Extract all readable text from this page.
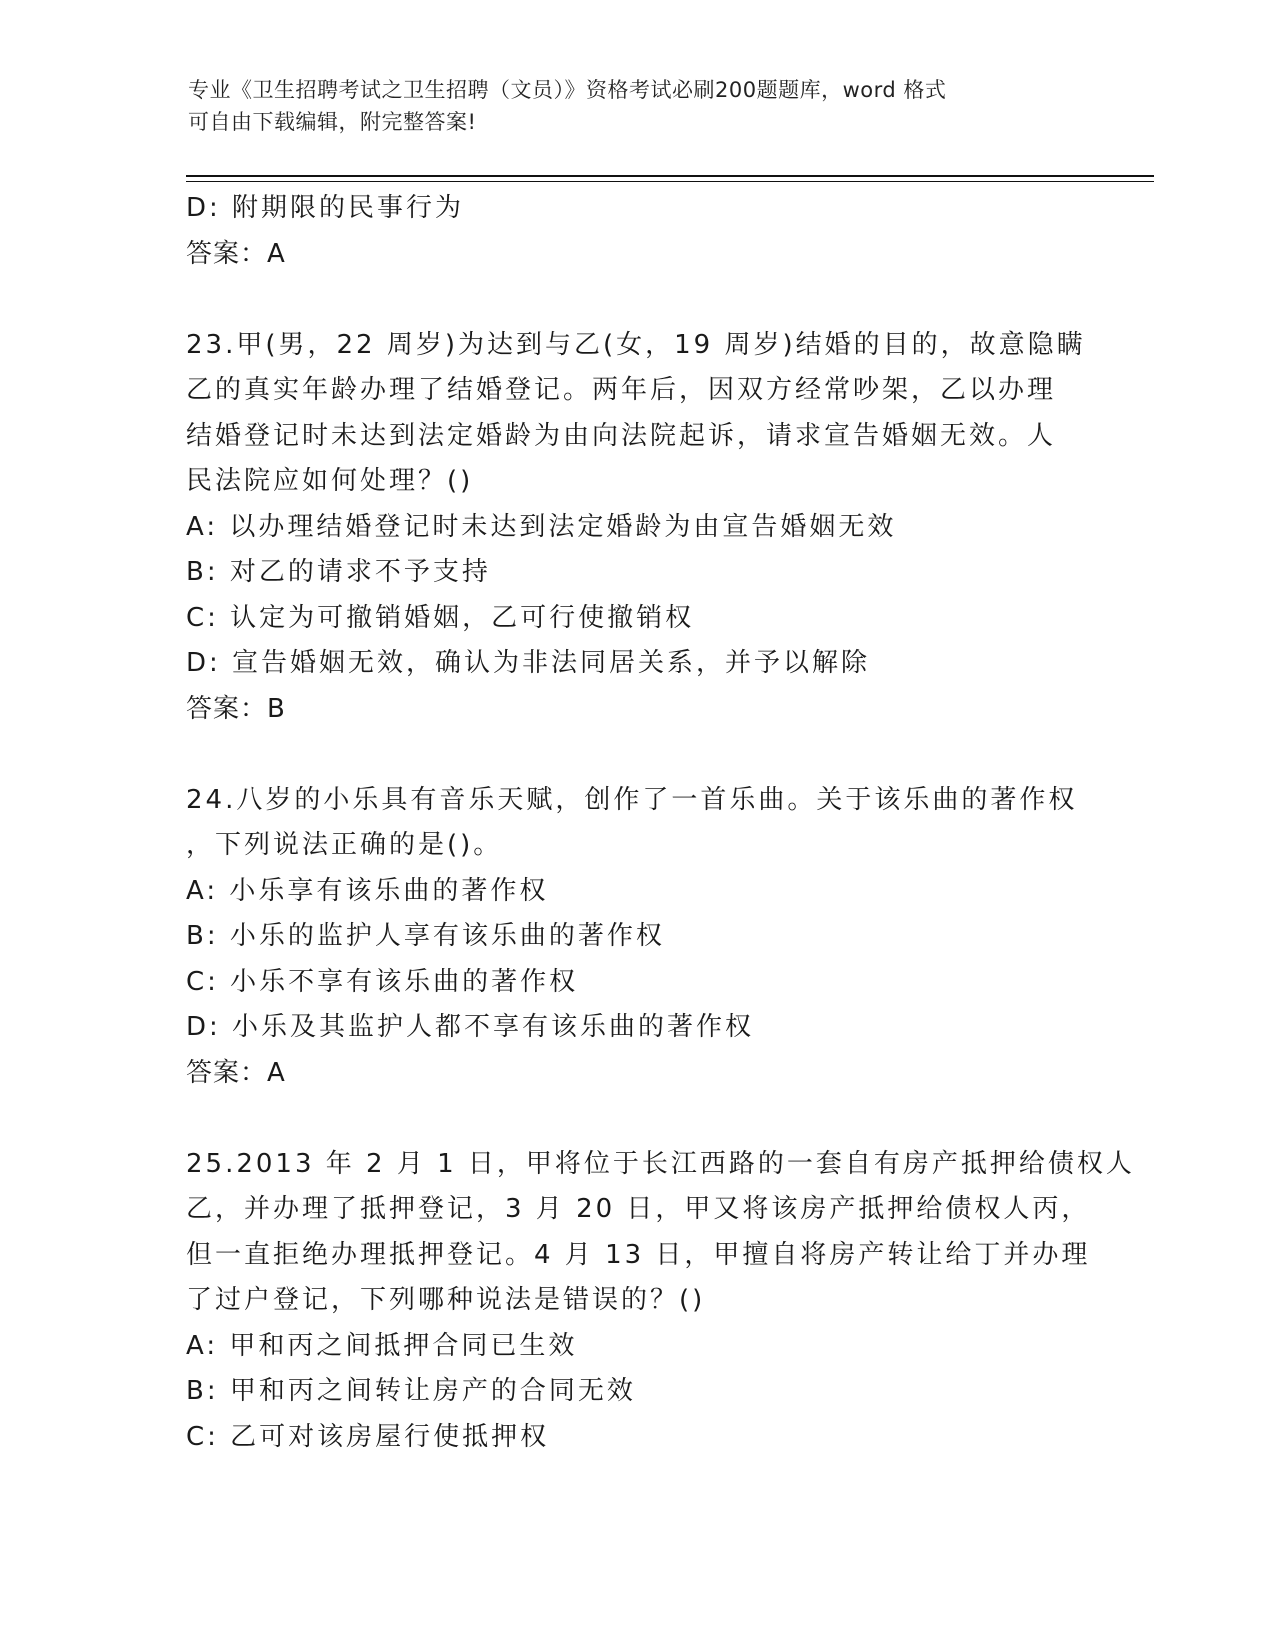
专业《卫生招聘考试之卫生招聘（文员）》资格考试必刷200题题库，word 格式
可自由下载编辑，附完整答案!
D: 附期限的民事行为
答案：A
23.甲(男，22 周岁)为达到与乙(女，19 周岁)结婚的目的，故意隐瞒
乙的真实年龄办理了结婚登记。两年后，因双方经常吵架，乙以办理
结婚登记时未达到法定婚龄为由向法院起诉，请求宣告婚姻无效。人
民法院应如何处理？()
A: 以办理结婚登记时未达到法定婚龄为由宣告婚姻无效
B: 对乙的请求不予支持
C: 认定为可撤销婚姻，乙可行使撤销权
D: 宣告婚姻无效，确认为非法同居关系，并予以解除
答案：B
24.八岁的小乐具有音乐天赋，创作了一首乐曲。关于该乐曲的著作权
，下列说法正确的是()。
A: 小乐享有该乐曲的著作权
B: 小乐的监护人享有该乐曲的著作权
C: 小乐不享有该乐曲的著作权
D: 小乐及其监护人都不享有该乐曲的著作权
答案：A
25.2013 年 2 月 1 日，甲将位于长江西路的一套自有房产抵押给债权人
乙，并办理了抵押登记，3 月 20 日，甲又将该房产抵押给债权人丙，
但一直拒绝办理抵押登记。4 月 13 日，甲擅自将房产转让给丁并办理
了过户登记，下列哪种说法是错误的？()
A: 甲和丙之间抵押合同已生效
B: 甲和丙之间转让房产的合同无效
C: 乙可对该房屋行使抵押权
